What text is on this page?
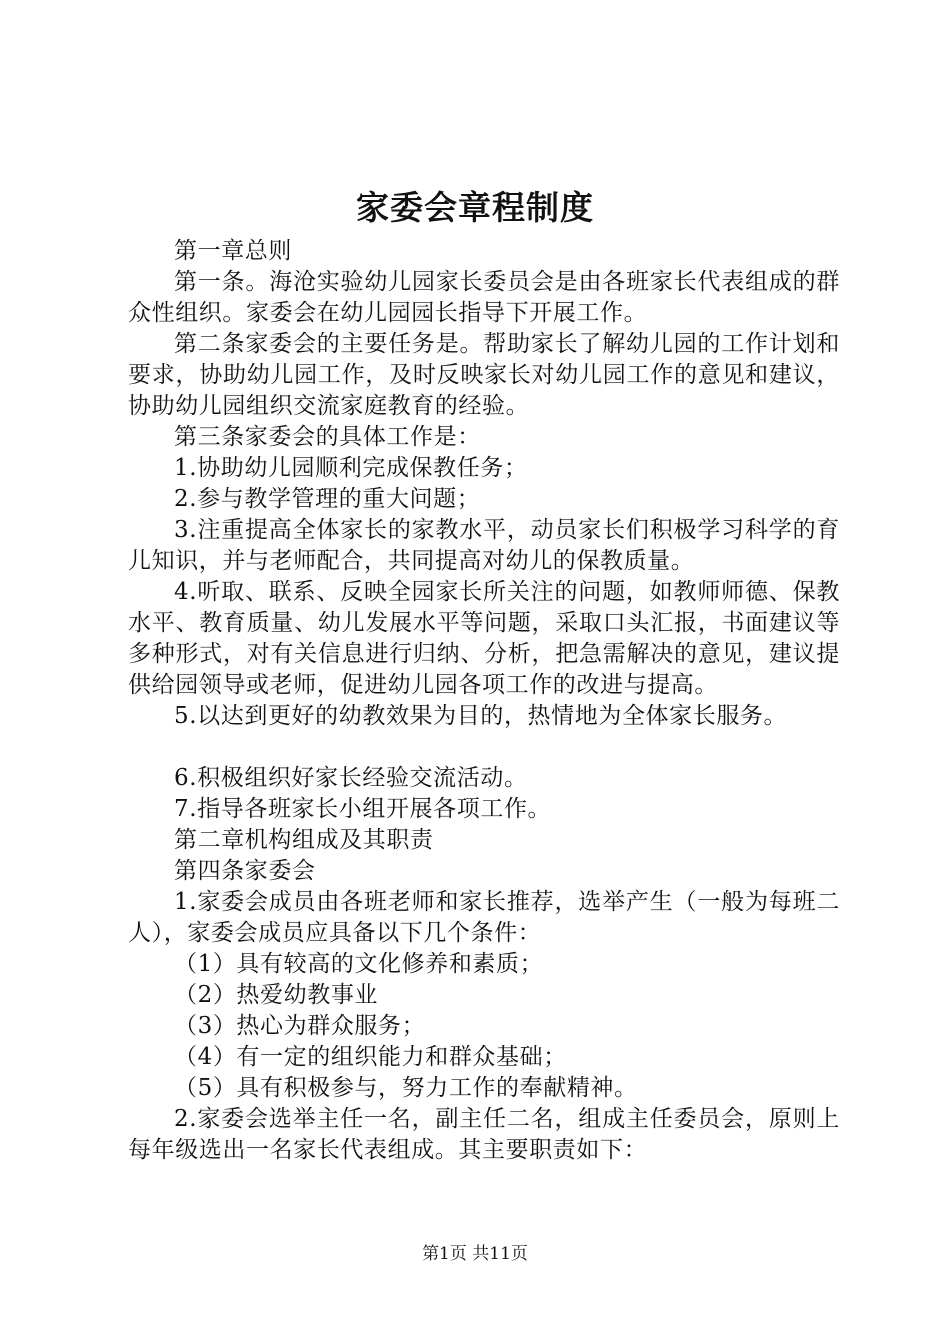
家委会章程制度

第一章总则

第一条。海沧实验幼儿园家长委员会是由各班家长代表组成的群众性组织。家委会在幼儿园园长指导下开展工作。

第二条家委会的主要任务是。帮助家长了解幼儿园的工作计划和要求，协助幼儿园工作，及时反映家长对幼儿园工作的意见和建议，协助幼儿园组织交流家庭教育的经验。

第三条家委会的具体工作是：

1.协助幼儿园顺利完成保教任务；

2.参与教学管理的重大问题；

3.注重提高全体家长的家教水平，动员家长们积极学习科学的育儿知识，并与老师配合，共同提高对幼儿的保教质量。

4.听取、联系、反映全园家长所关注的问题，如教师师德、保教水平、教育质量、幼儿发展水平等问题，采取口头汇报，书面建议等多种形式，对有关信息进行归纳、分析，把急需解决的意见，建议提供给园领导或老师，促进幼儿园各项工作的改进与提高。

5.以达到更好的幼教效果为目的，热情地为全体家长服务。

6.积极组织好家长经验交流活动。

7.指导各班家长小组开展各项工作。

第二章机构组成及其职责

第四条家委会

1.家委会成员由各班老师和家长推荐，选举产生（一般为每班二人），家委会成员应具备以下几个条件：

（1）具有较高的文化修养和素质；

（2）热爱幼教事业

（3）热心为群众服务；

（4）有一定的组织能力和群众基础；

（5）具有积极参与，努力工作的奉献精神。

2.家委会选举主任一名，副主任二名，组成主任委员会，原则上每年级选出一名家长代表组成。其主要职责如下：

第1页 共11页
